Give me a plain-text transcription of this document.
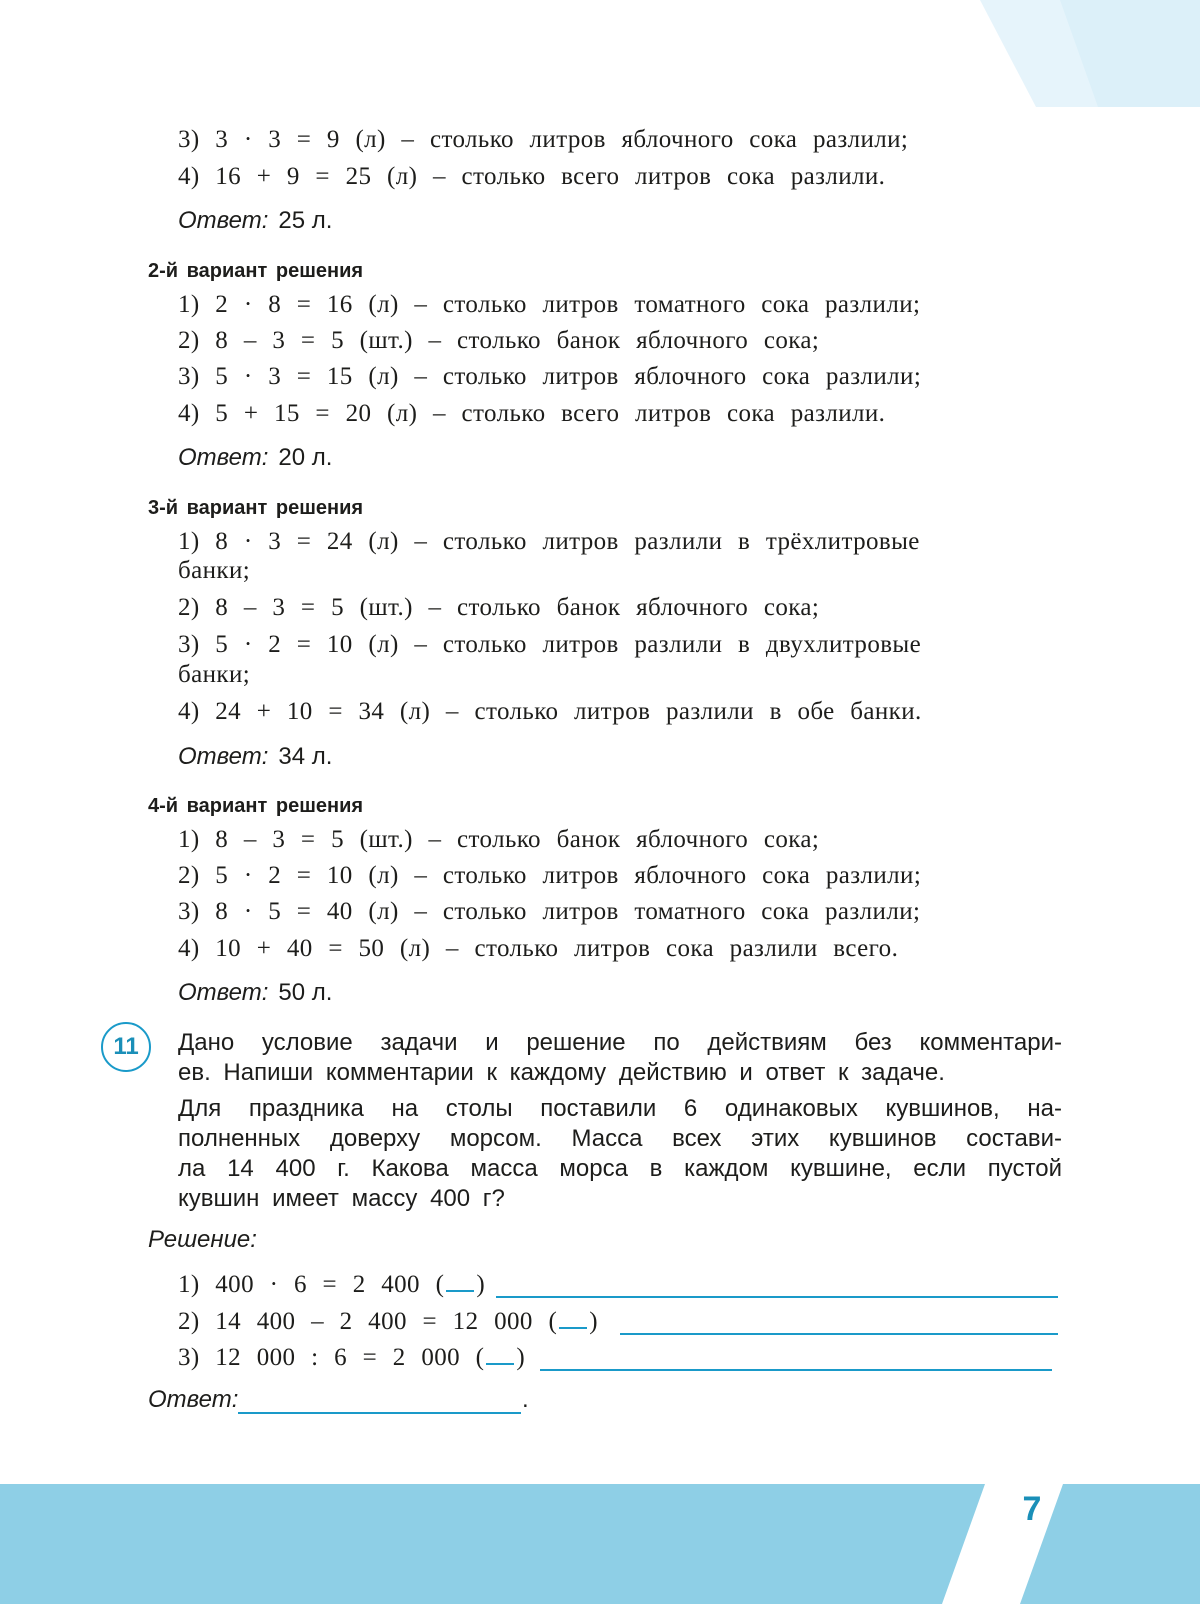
7
3) 3 · 3 = 9 (л) – столько литров яблочного сока разлили;
4) 16 + 9 = 25 (л) – столько всего литров сока разлили.
Ответ: 25 л.
2-й вариант решения
1) 2 · 8 = 16 (л) – столько литров томатного сока разлили;
2) 8 – 3 = 5 (шт.) – столько банок яблочного сока;
3) 5 · 3 = 15 (л) – столько литров яблочного сока разлили;
4) 5 + 15 = 20 (л) – столько всего литров сока разлили.
Ответ: 20 л.
3-й вариант решения
1) 8 · 3 = 24 (л) – столько литров разлили в трёхлитровые
банки;
2) 8 – 3 = 5 (шт.) – столько банок яблочного сока;
3) 5 · 2 = 10 (л) – столько литров разлили в двухлитровые
банки;
4) 24 + 10 = 34 (л) – столько литров разлили в обе банки.
Ответ: 34 л.
4-й вариант решения
1) 8 – 3 = 5 (шт.) – столько банок яблочного сока;
2) 5 · 2 = 10 (л) – столько литров яблочного сока разлили;
3) 8 · 5 = 40 (л) – столько литров томатного сока разлили;
4) 10 + 40 = 50 (л) – столько литров сока разлили всего.
Ответ: 50 л.
11	Дано условие задачи и решение по действиям без комментари-
ев. Напиши комментарии к каждому действию и ответ к задаче.
Для праздника на столы поставили 6 одинаковых кувшинов, на-
полненных доверху морсом. Масса всех этих кувшинов состави-
ла 14 400 г. Какова масса морса в каждом кувшине, если пустой
кувшин имеет массу 400 г?
Решение:
1) 400 · 6 = 2 400 ( )
2) 14 400 – 2 400 = 12 000 ( )
3) 12 000 : 6 = 2 000 ( )
Ответ:	.
